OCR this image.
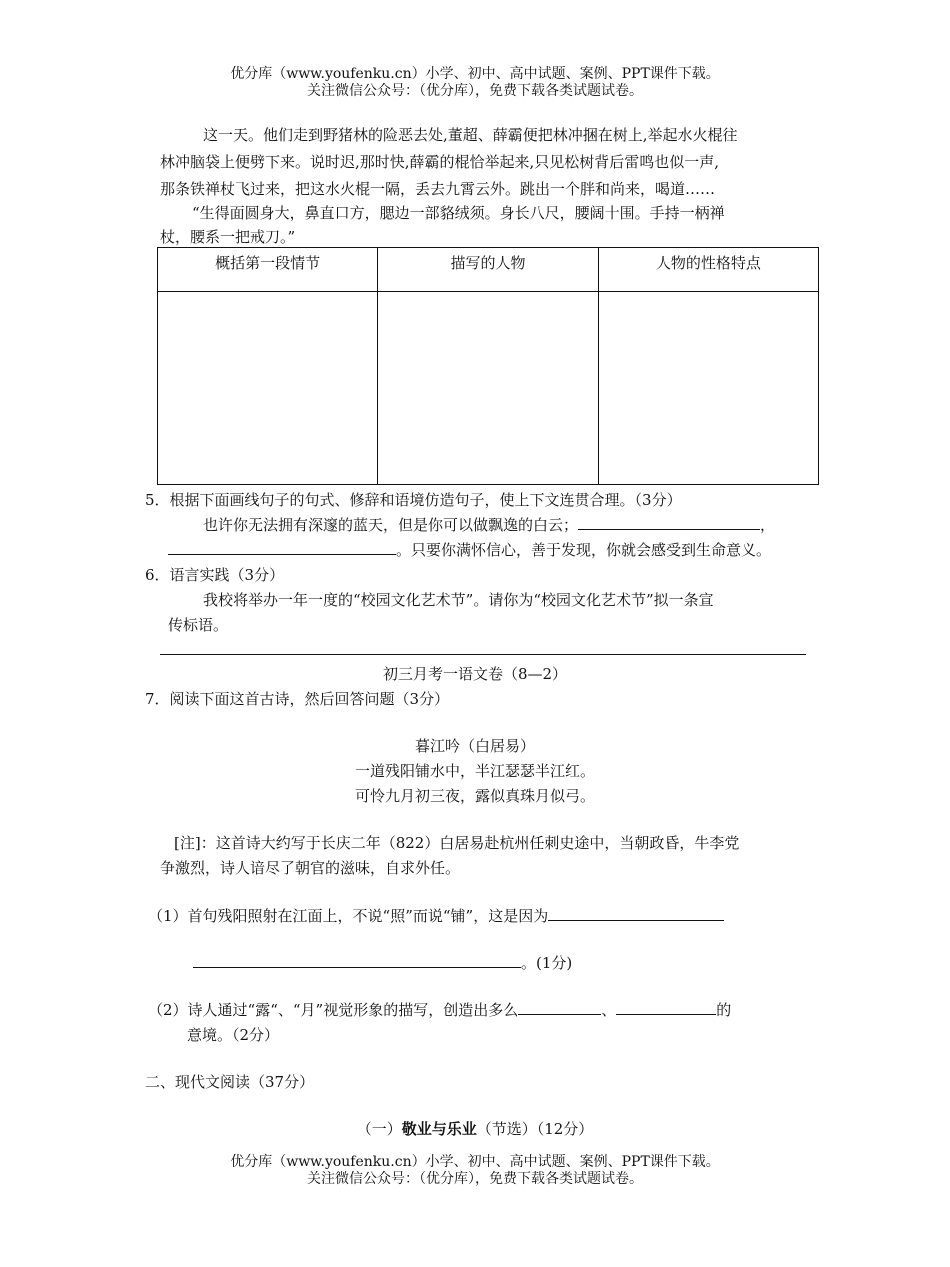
优分库（www.youfenku.cn）小学、初中、高中试题、案例、PPT课件下载。
关注微信公众号：（优分库），免费下载各类试题试卷。
这一天。他们走到野猪林的险恶去处,董超、薛霸便把林冲捆在树上,举起水火棍往
林冲脑袋上便劈下来。说时迟,那时快,薛霸的棍恰举起来,只见松树背后雷鸣也似一声,
那条铁禅杖飞过来，把这水火棍一隔，丢去九霄云外。跳出一个胖和尚来，喝道……
“生得面圆身大，鼻直口方，腮边一部貉绒须。身长八尺，腰阔十围。手持一柄禅
杖，腰系一把戒刀。”
概括第一段情节	描写的人物	人物的性格特点

5．根据下面画线句子的句式、修辞和语境仿造句子，使上下文连贯合理。（3分）
也许你无法拥有深邃的蓝天，但是你可以做飘逸的白云；	，
。只要你满怀信心，善于发现，你就会感受到生命意义。
6．语言实践（3分）
我校将举办一年一度的“校园文化艺术节”。请你为“校园文化艺术节”拟一条宣
传标语。
初三月考一语文卷（8—2）
7．阅读下面这首古诗，然后回答问题（3分）
暮江吟（白居易）
一道残阳铺水中，半江瑟瑟半江红。
可怜九月初三夜，露似真珠月似弓。
[注]：这首诗大约写于长庆二年（822）白居易赴杭州任刺史途中，当朝政昏，牛李党
争激烈，诗人谙尽了朝官的滋味，自求外任。
（1）首句残阳照射在江面上，不说“照”而说“铺”，这是因为
。(1分)
（2）诗人通过“露“、“月”视觉形象的描写，创造出多么	、	的
意境。（2分）
二、现代文阅读（37分）
（一）敬业与乐业（节选）（12分）
优分库（www.youfenku.cn）小学、初中、高中试题、案例、PPT课件下载。
关注微信公众号：（优分库），免费下载各类试题试卷。
